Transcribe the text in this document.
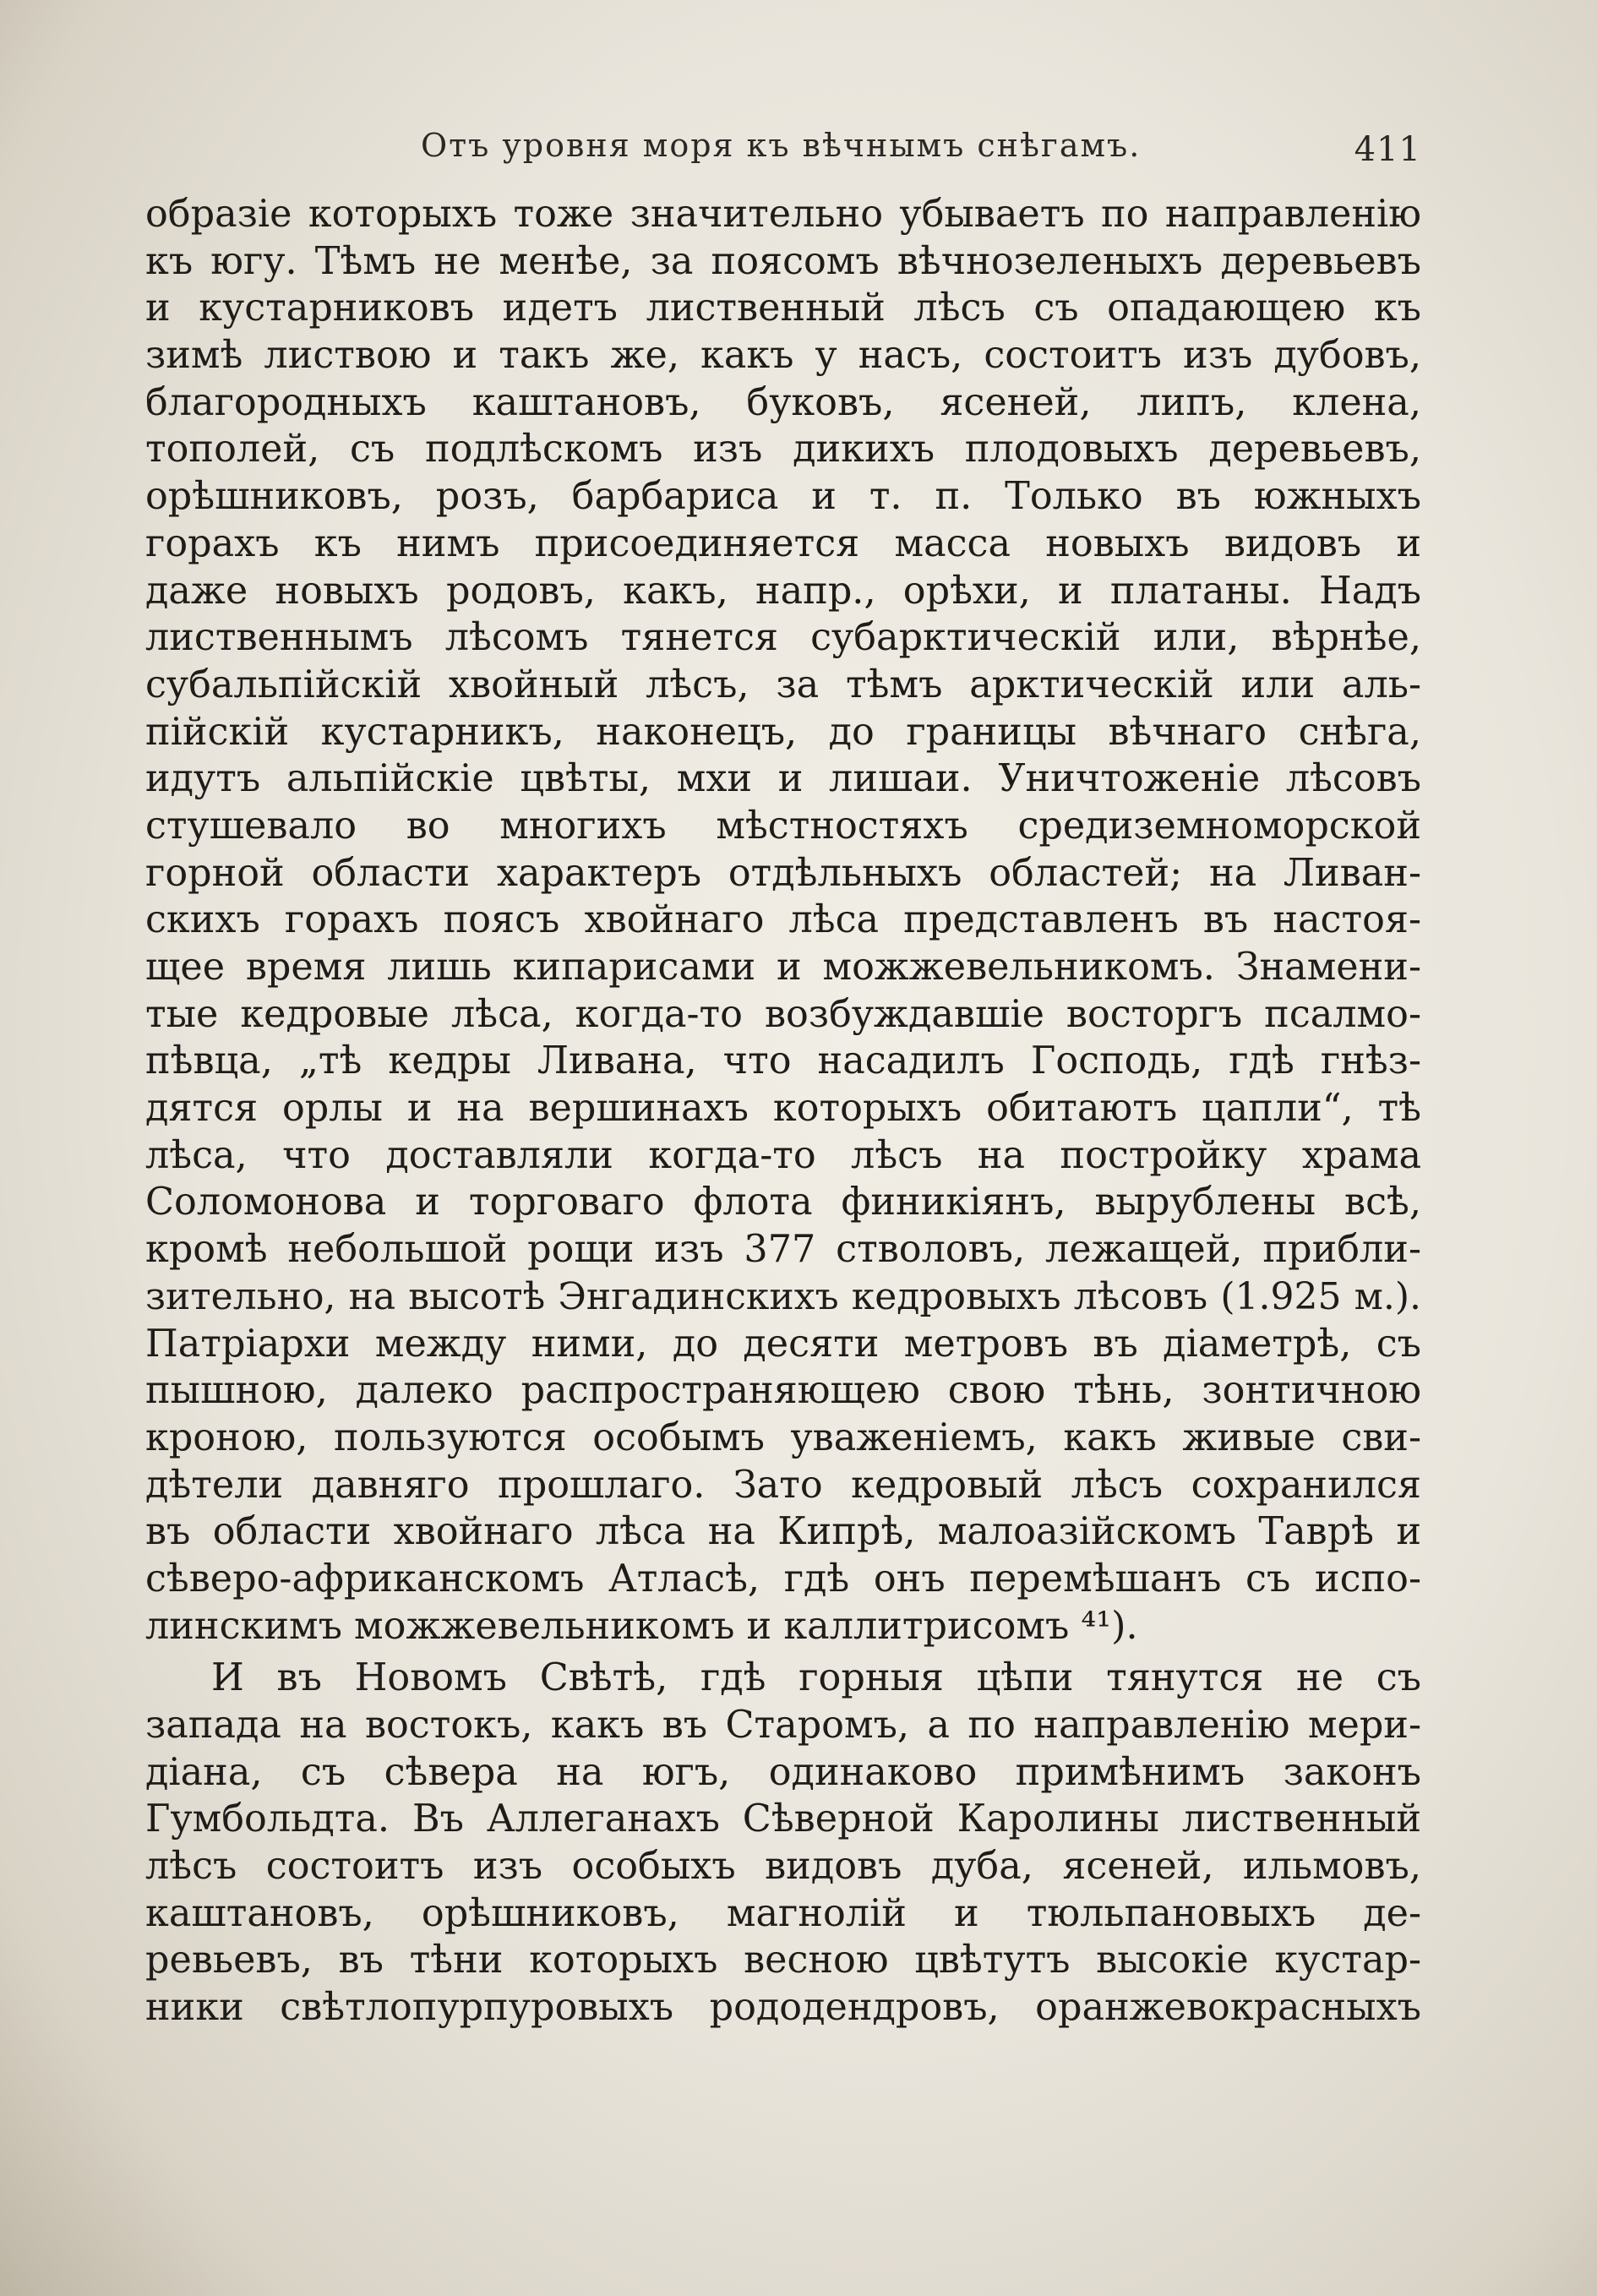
Отъ уровня моря къ вѣчнымъ снѣгамъ.	411
образіе которыхъ тоже значительно убываетъ по направленію
къ югу. Тѣмъ не менѣе, за поясомъ вѣчнозеленыхъ деревьевъ
и кустарниковъ идетъ лиственный лѣсъ съ опадающею къ
зимѣ листвою и такъ же, какъ у насъ, состоитъ изъ дубовъ,
благородныхъ каштановъ, буковъ, ясеней, липъ, клена,
тополей, съ подлѣскомъ изъ дикихъ плодовыхъ деревьевъ,
орѣшниковъ, розъ, барбариса и т. п. Только въ южныхъ
горахъ къ нимъ присоединяется масса новыхъ видовъ и
даже новыхъ родовъ, какъ, напр., орѣхи, и платаны. Надъ
лиственнымъ лѣсомъ тянется субарктическій или, вѣрнѣе,
субальпійскій хвойный лѣсъ, за тѣмъ арктическій или аль-
пійскій кустарникъ, наконецъ, до границы вѣчнаго снѣга,
идутъ альпійскіе цвѣты, мхи и лишаи. Уничтоженіе лѣсовъ
стушевало во многихъ мѣстностяхъ средиземноморской
горной области характеръ отдѣльныхъ областей; на Ливан-
скихъ горахъ поясъ хвойнаго лѣса представленъ въ настоя-
щее время лишь кипарисами и можжевельникомъ. Знамени-
тые кедровые лѣса, когда-то возбуждавшіе восторгъ псалмо-
пѣвца, „тѣ кедры Ливана, что насадилъ Господь, гдѣ гнѣз-
дятся орлы и на вершинахъ которыхъ обитаютъ цапли“, тѣ
лѣса, что доставляли когда-то лѣсъ на постройку храма
Соломонова и торговаго флота финикіянъ, вырублены всѣ,
кромѣ небольшой рощи изъ 377 стволовъ, лежащей, прибли-
зительно, на высотѣ Энгадинскихъ кедровыхъ лѣсовъ (1.925 м.).
Патріархи между ними, до десяти метровъ въ діаметрѣ, съ
пышною, далеко распространяющею свою тѣнь, зонтичною
кроною, пользуются особымъ уваженіемъ, какъ живые сви-
дѣтели давняго прошлаго. Зато кедровый лѣсъ сохранился
въ области хвойнаго лѣса на Кипрѣ, малоазійскомъ Таврѣ и
сѣверо-африканскомъ Атласѣ, гдѣ онъ перемѣшанъ съ испо-
линскимъ можжевельникомъ и каллитрисомъ ⁴¹).
И въ Новомъ Свѣтѣ, гдѣ горныя цѣпи тянутся не съ
запада на востокъ, какъ въ Старомъ, а по направленію мери-
діана, съ сѣвера на югъ, одинаково примѣнимъ законъ
Гумбольдта. Въ Аллеганахъ Сѣверной Каролины лиственный
лѣсъ состоитъ изъ особыхъ видовъ дуба, ясеней, ильмовъ,
каштановъ, орѣшниковъ, магнолій и тюльпановыхъ де-
ревьевъ, въ тѣни которыхъ весною цвѣтутъ высокіе кустар-
ники свѣтлопурпуровыхъ рододендровъ, оранжевокрасныхъ
